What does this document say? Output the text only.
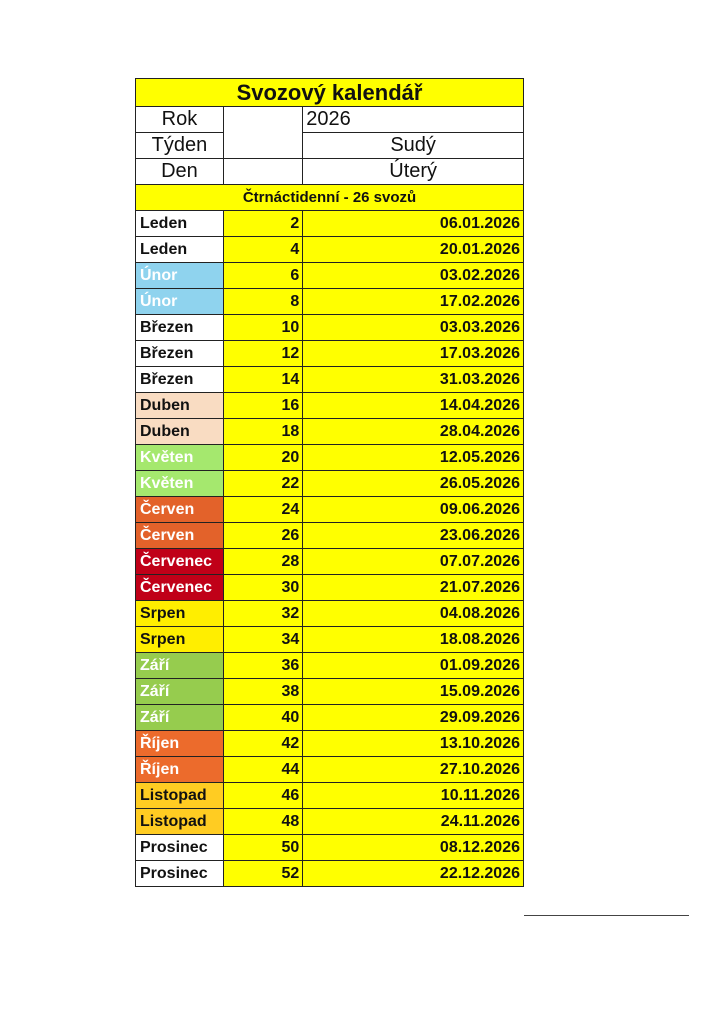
Svozový kalendář		
Rok		2026
Týden		Sudý
Den		Úterý
Čtrnáctidenní - 26 svozů		
Leden	2	06.01.2026
Leden	4	20.01.2026
Únor	6	03.02.2026
Únor	8	17.02.2026
Březen	10	03.03.2026
Březen	12	17.03.2026
Březen	14	31.03.2026
Duben	16	14.04.2026
Duben	18	28.04.2026
Květen	20	12.05.2026
Květen	22	26.05.2026
Červen	24	09.06.2026
Červen	26	23.06.2026
Červenec	28	07.07.2026
Červenec	30	21.07.2026
Srpen	32	04.08.2026
Srpen	34	18.08.2026
Září	36	01.09.2026
Září	38	15.09.2026
Září	40	29.09.2026
Říjen	42	13.10.2026
Říjen	44	27.10.2026
Listopad	46	10.11.2026
Listopad	48	24.11.2026
Prosinec	50	08.12.2026
Prosinec	52	22.12.2026
